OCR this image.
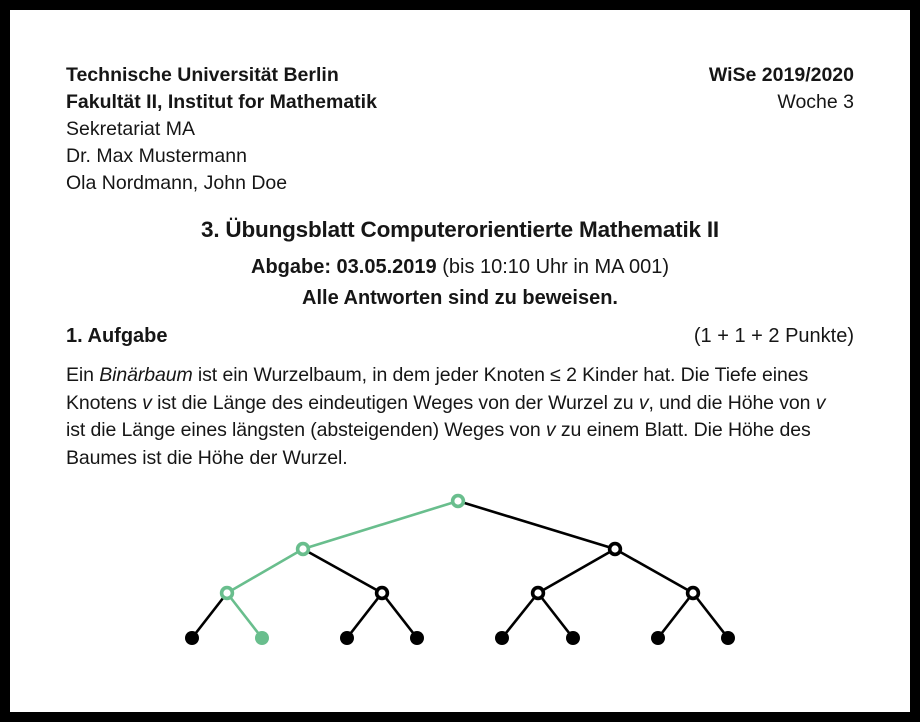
Technische Universität Berlin
Fakultät II, Institut for Mathematik
Sekretariat MA
Dr. Max Mustermann
Ola Nordmann, John Doe
WiSe 2019/2020
Woche 3
3. Übungsblatt Computerorientierte Mathematik II
Abgabe: 03.05.2019 (bis 10:10 Uhr in MA 001)
Alle Antworten sind zu beweisen.
1. Aufgabe	(1 + 1 + 2 Punkte)
Ein Binärbaum ist ein Wurzelbaum, in dem jeder Knoten ≤ 2 Kinder hat. Die Tiefe eines
Knotens v ist die Länge des eindeutigen Weges von der Wurzel zu v, und die Höhe von v
ist die Länge eines längsten (absteigenden) Weges von v zu einem Blatt. Die Höhe des
Baumes ist die Höhe der Wurzel.
